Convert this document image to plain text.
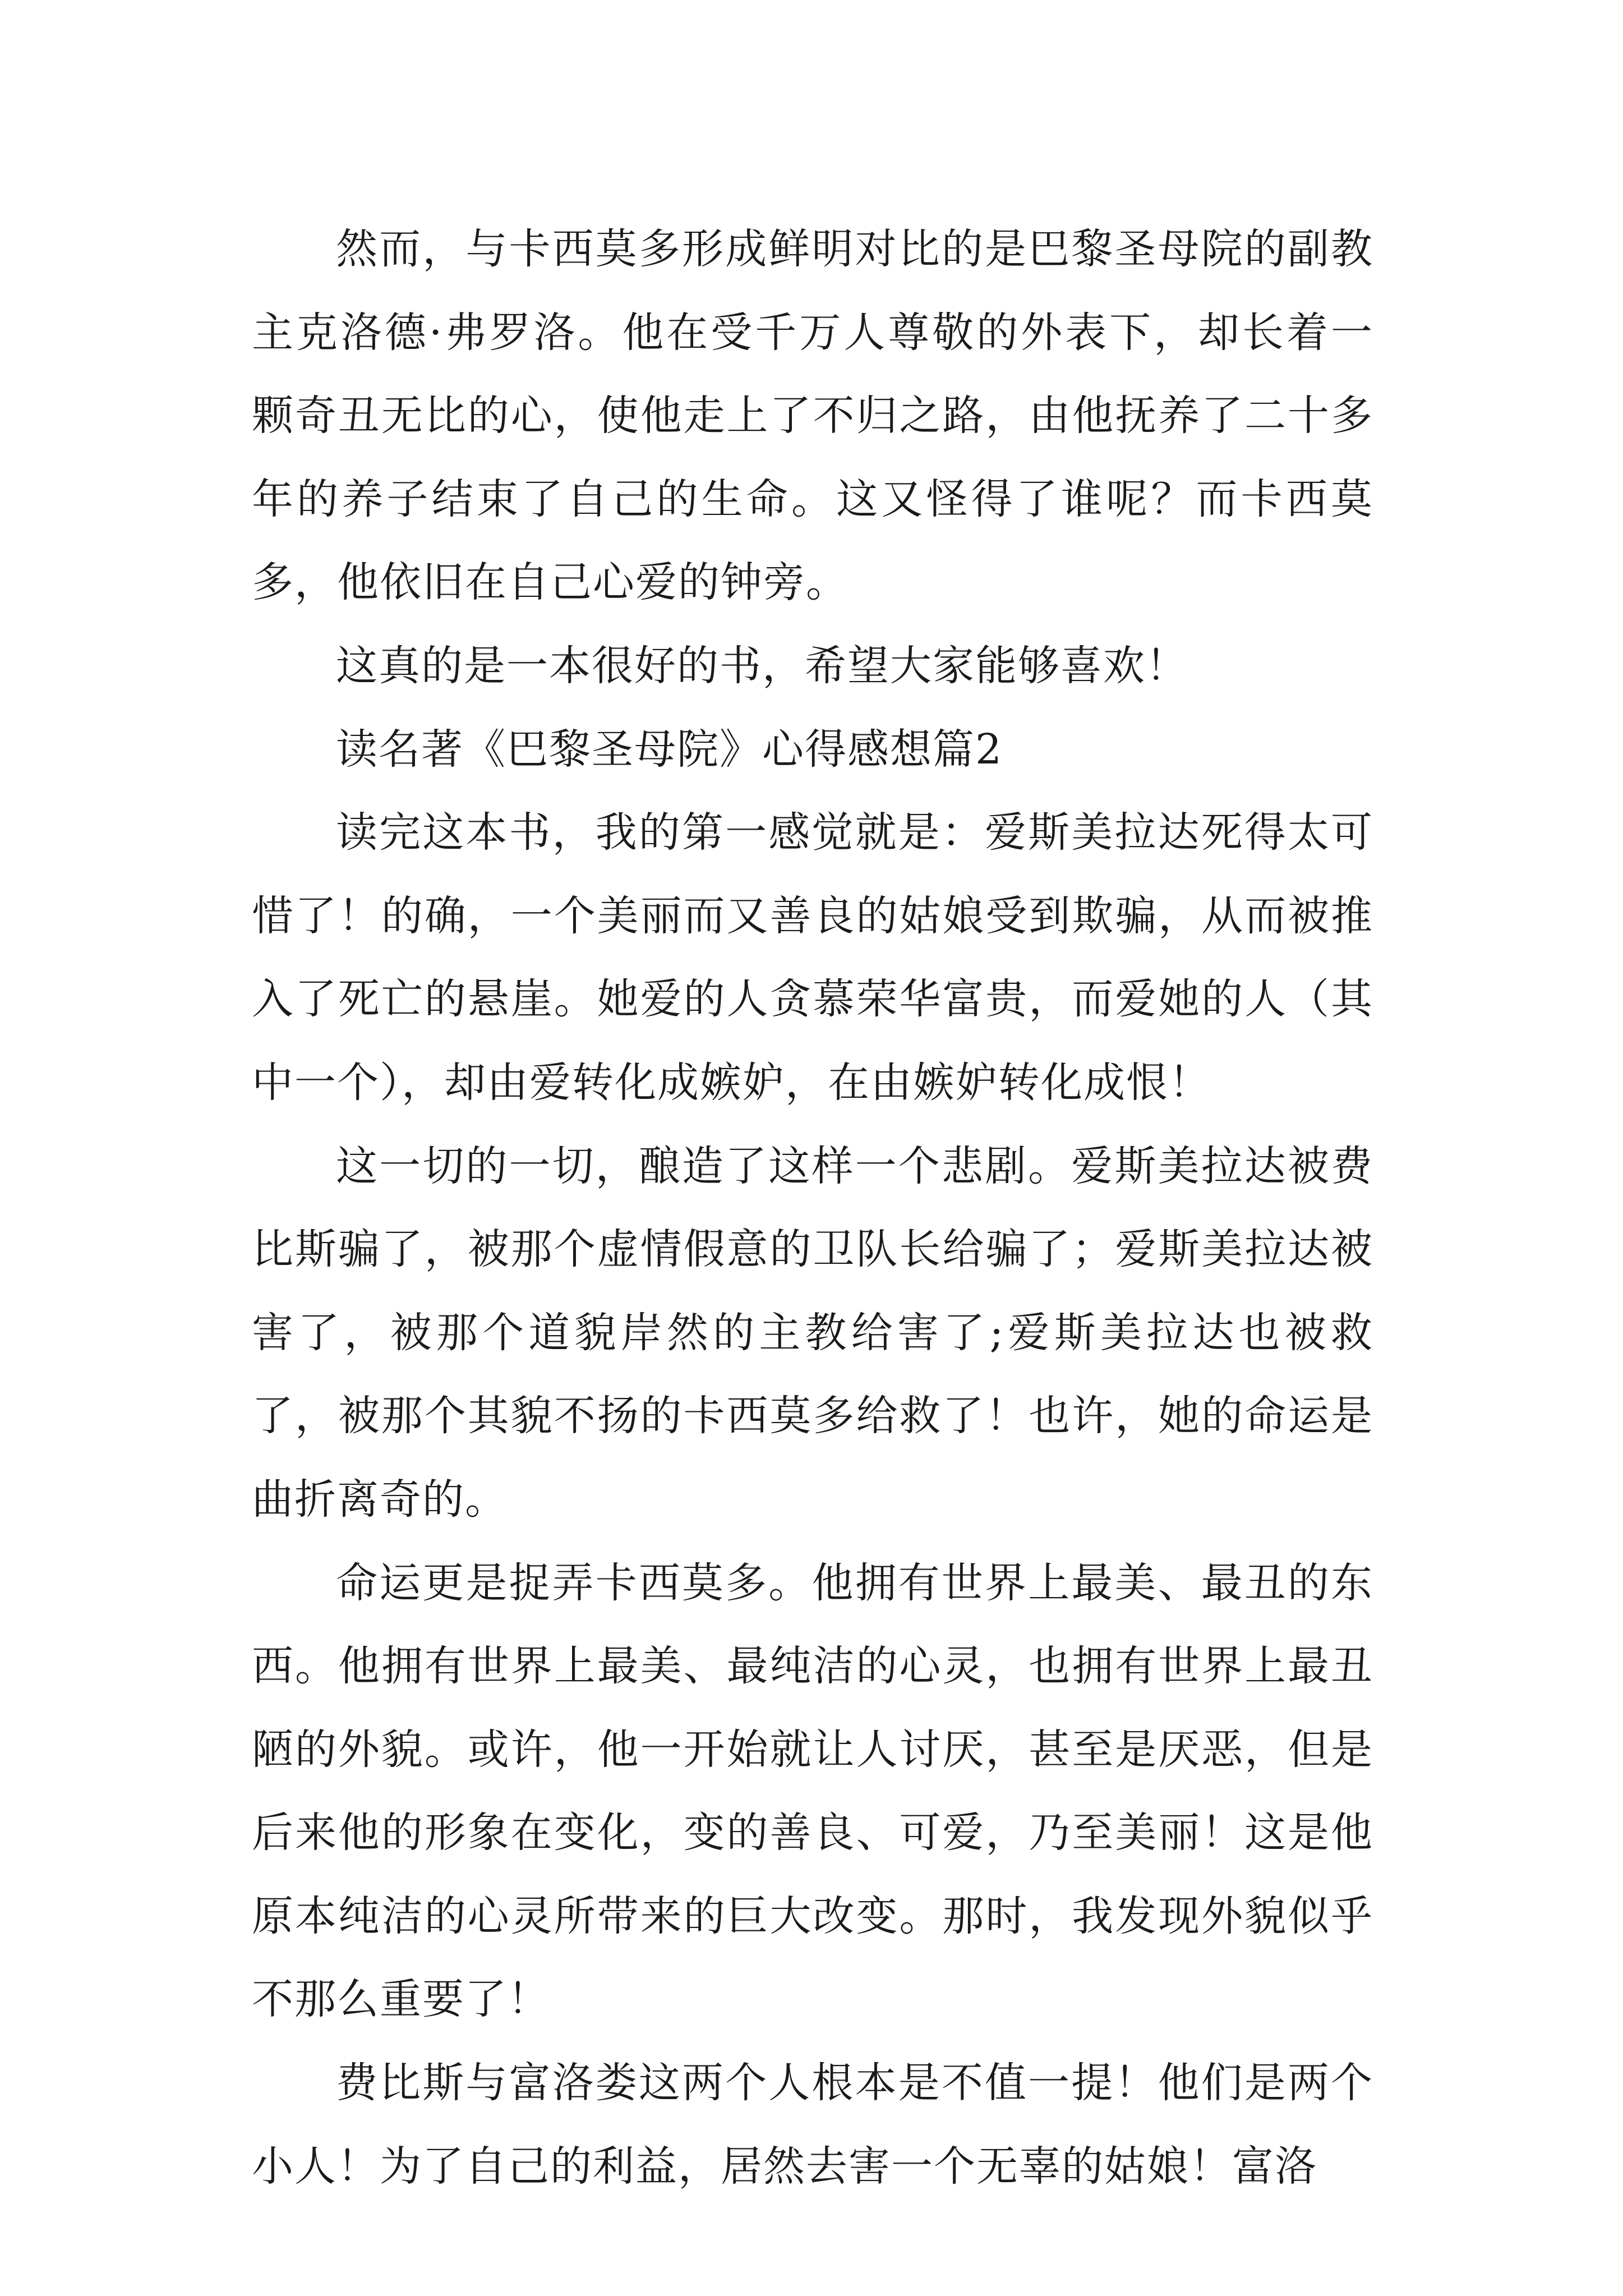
然而，与卡西莫多形成鲜明对比的是巴黎圣母院的副教主克洛德·弗罗洛。他在受千万人尊敬的外表下，却长着一颗奇丑无比的心，使他走上了不归之路，由他抚养了二十多年的养子结束了自己的生命。这又怪得了谁呢？而卡西莫多，他依旧在自己心爱的钟旁。

这真的是一本很好的书，希望大家能够喜欢！

读名著《巴黎圣母院》心得感想篇2

读完这本书，我的第一感觉就是：爱斯美拉达死得太可惜了！的确，一个美丽而又善良的姑娘受到欺骗，从而被推入了死亡的悬崖。她爱的人贪慕荣华富贵，而爱她的人（其中一个），却由爱转化成嫉妒，在由嫉妒转化成恨！

这一切的一切，酿造了这样一个悲剧。爱斯美拉达被费比斯骗了，被那个虚情假意的卫队长给骗了；爱斯美拉达被害了，被那个道貌岸然的主教给害了;爱斯美拉达也被救了，被那个其貌不扬的卡西莫多给救了！也许，她的命运是曲折离奇的。

命运更是捉弄卡西莫多。他拥有世界上最美、最丑的东西。他拥有世界上最美、最纯洁的心灵，也拥有世界上最丑陋的外貌。或许，他一开始就让人讨厌，甚至是厌恶，但是后来他的形象在变化，变的善良、可爱，乃至美丽！这是他原本纯洁的心灵所带来的巨大改变。那时，我发现外貌似乎不那么重要了！

费比斯与富洛娄这两个人根本是不值一提！他们是两个小人！为了自己的利益，居然去害一个无辜的姑娘！富洛
